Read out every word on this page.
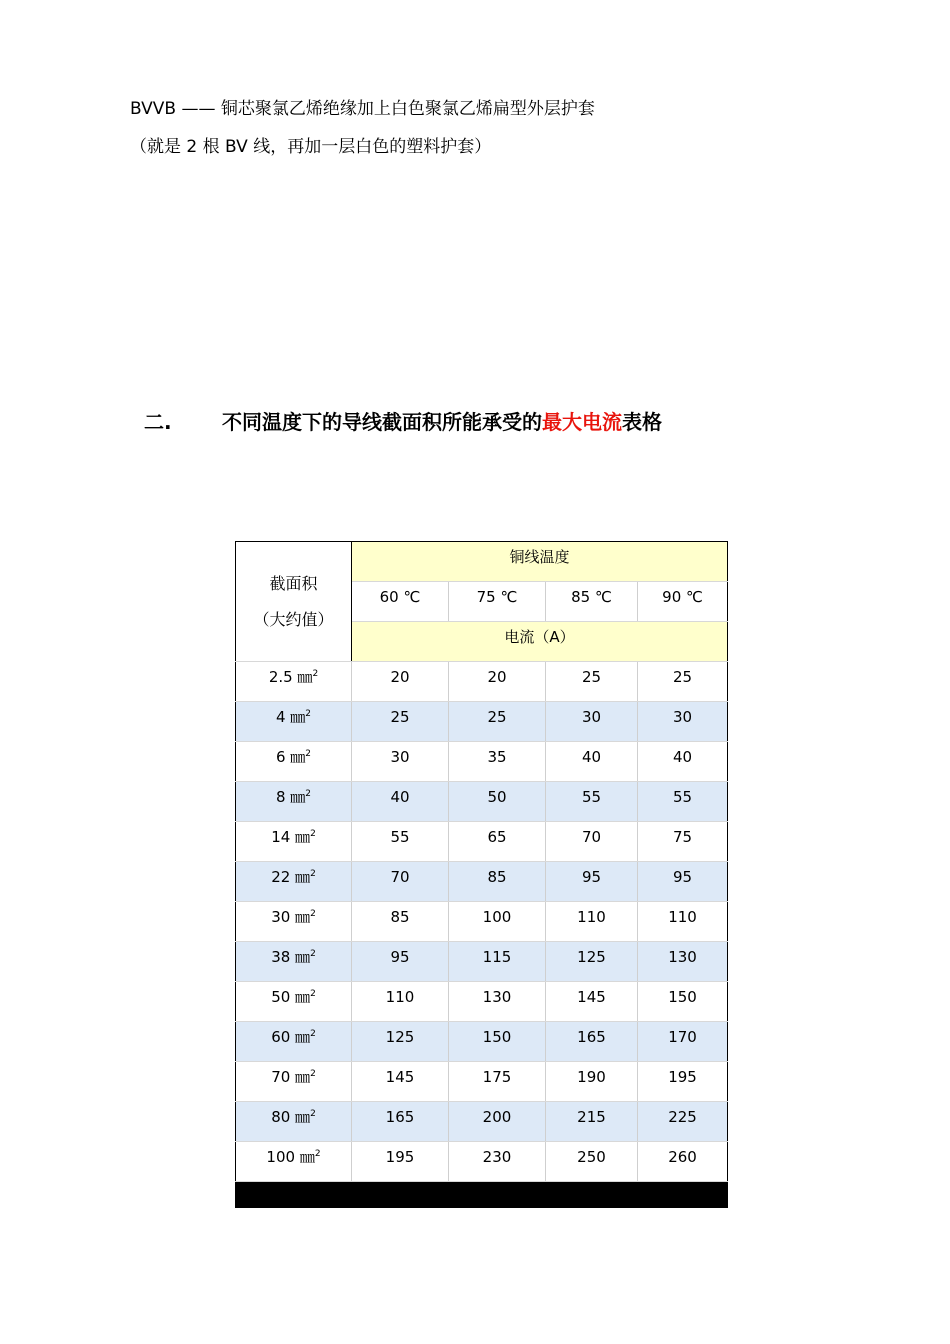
BVVB —— 铜芯聚氯乙烯绝缘加上白色聚氯乙烯扁型外层护套
（就是 2 根 BV 线，再加一层白色的塑料护套）
二.	不同温度下的导线截面积所能承受的最大电流表格
截面积
（大约值）	铜线温度			
	60 ℃	75 ℃	85 ℃	90 ℃
	电流（A）			
2.5 ㎜$^2$	20	20	25	25
4 ㎜$^2$	25	25	30	30
6 ㎜$^2$	30	35	40	40
8 ㎜$^2$	40	50	55	55
14 ㎜$^2$	55	65	70	75
22 ㎜$^2$	70	85	95	95
30 ㎜$^2$	85	100	110	110
38 ㎜$^2$	95	115	125	130
50 ㎜$^2$	110	130	145	150
60 ㎜$^2$	125	150	165	170
70 ㎜$^2$	145	175	190	195
80 ㎜$^2$	165	200	215	225
100 ㎜$^2$	195	230	250	260
